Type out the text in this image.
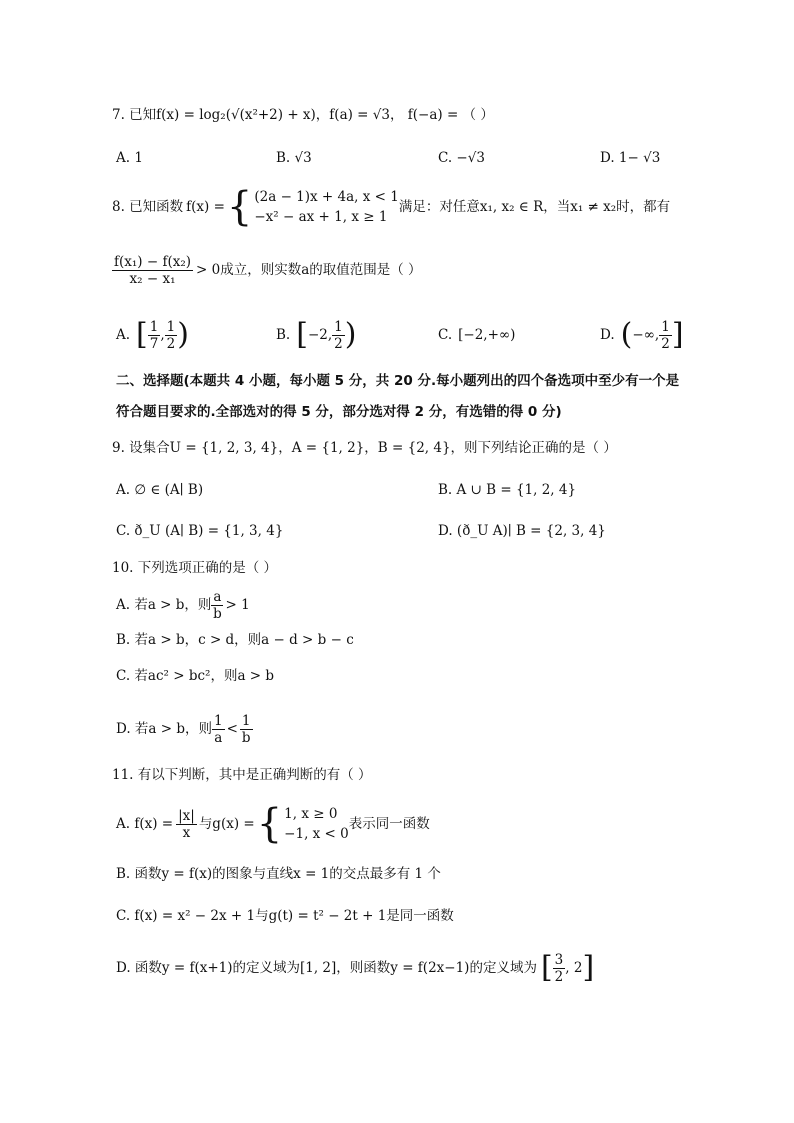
7. 已知f(x) = log₂(√(x²+2) + x)，f(a) = √3， f(−a) = （ ）
A. 1	B. √3	C. −√3	D. 1− √3
8. 已知函数 f(x) = { (2a − 1)x + 4a, x < 1
−x² − ax + 1, x ≥ 1
满足：对任意x₁, x₂ ∈ R，当x₁ ≠ x₂时，都有
$\frac{\text{f(x₁) − f(x₂)}}{\text{x₂ − x₁}} > 0$成立，则实数a的取值范围是（ ）
A. [ $\frac{1}{7}$ , $\frac{1}{2}$ )	B. [ −2, $\frac{1}{2}$ )	C. [−2,+∞)	D. ( −∞, $\frac{1}{2}$ ]
二、选择题(本题共 4 小题，每小题 5 分，共 20 分.每小题列出的四个备选项中至少有一个是
符合题目要求的.全部选对的得 5 分，部分选对得 2 分，有选错的得 0 分)
9. 设集合U = {1, 2, 3, 4}，A = {1, 2}，B = {2, 4}，则下列结论正确的是（ ）
A. ∅ ∈ (A∣ B)	B. A ∪ B = {1, 2, 4}
C. ð_U (A∣ B) = {1, 3, 4}	D. (ð_U A)∣ B = {2, 3, 4}
10. 下列选项正确的是（ ）
A. 若a > b，则 $\frac{a}{b} > 1$
B. 若a > b，c > d，则a − d > b − c
C. 若ac² > bc²，则a > b
D. 若a > b，则 $\frac{1}{a} < \frac{1}{b}$
11. 有以下判断，其中是正确判断的有（ ）
A. $f(x) = \frac{|x|}{x}$ 与g(x) = { 1, x ≥ 0
−1, x < 0
表示同一函数
B. 函数y = f(x)的图象与直线x = 1的交点最多有 1 个
C. f(x) = x² − 2x + 1与g(t) = t² − 2t + 1是同一函数
D. 函数y = f(x+1)的定义域为[1, 2]，则函数y = f(2x−1)的定义域为 [ $\frac{3}{2}$ , 2 ]
